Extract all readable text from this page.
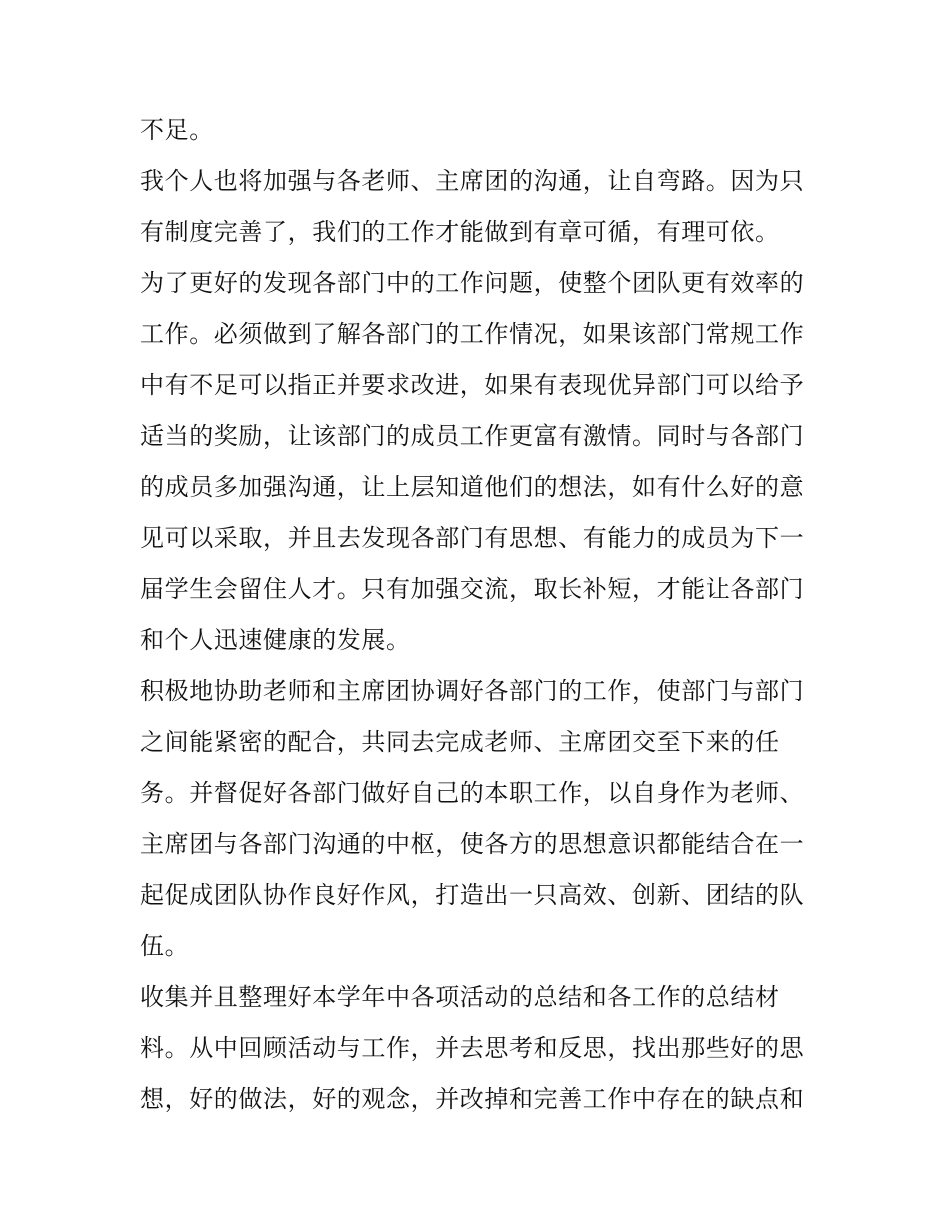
不足。
我个人也将加强与各老师、主席团的沟通，让自弯路。因为只
有制度完善了，我们的工作才能做到有章可循，有理可依。
为了更好的发现各部门中的工作问题，使整个团队更有效率的
工作。必须做到了解各部门的工作情况，如果该部门常规工作
中有不足可以指正并要求改进，如果有表现优异部门可以给予
适当的奖励，让该部门的成员工作更富有激情。同时与各部门
的成员多加强沟通，让上层知道他们的想法，如有什么好的意
见可以采取，并且去发现各部门有思想、有能力的成员为下一
届学生会留住人才。只有加强交流，取长补短，才能让各部门
和个人迅速健康的发展。
积极地协助老师和主席团协调好各部门的工作，使部门与部门
之间能紧密的配合，共同去完成老师、主席团交至下来的任
务。并督促好各部门做好自己的本职工作，以自身作为老师、
主席团与各部门沟通的中枢，使各方的思想意识都能结合在一
起促成团队协作良好作风，打造出一只高效、创新、团结的队
伍。
收集并且整理好本学年中各项活动的总结和各工作的总结材
料。从中回顾活动与工作，并去思考和反思，找出那些好的思
想，好的做法，好的观念，并改掉和完善工作中存在的缺点和
